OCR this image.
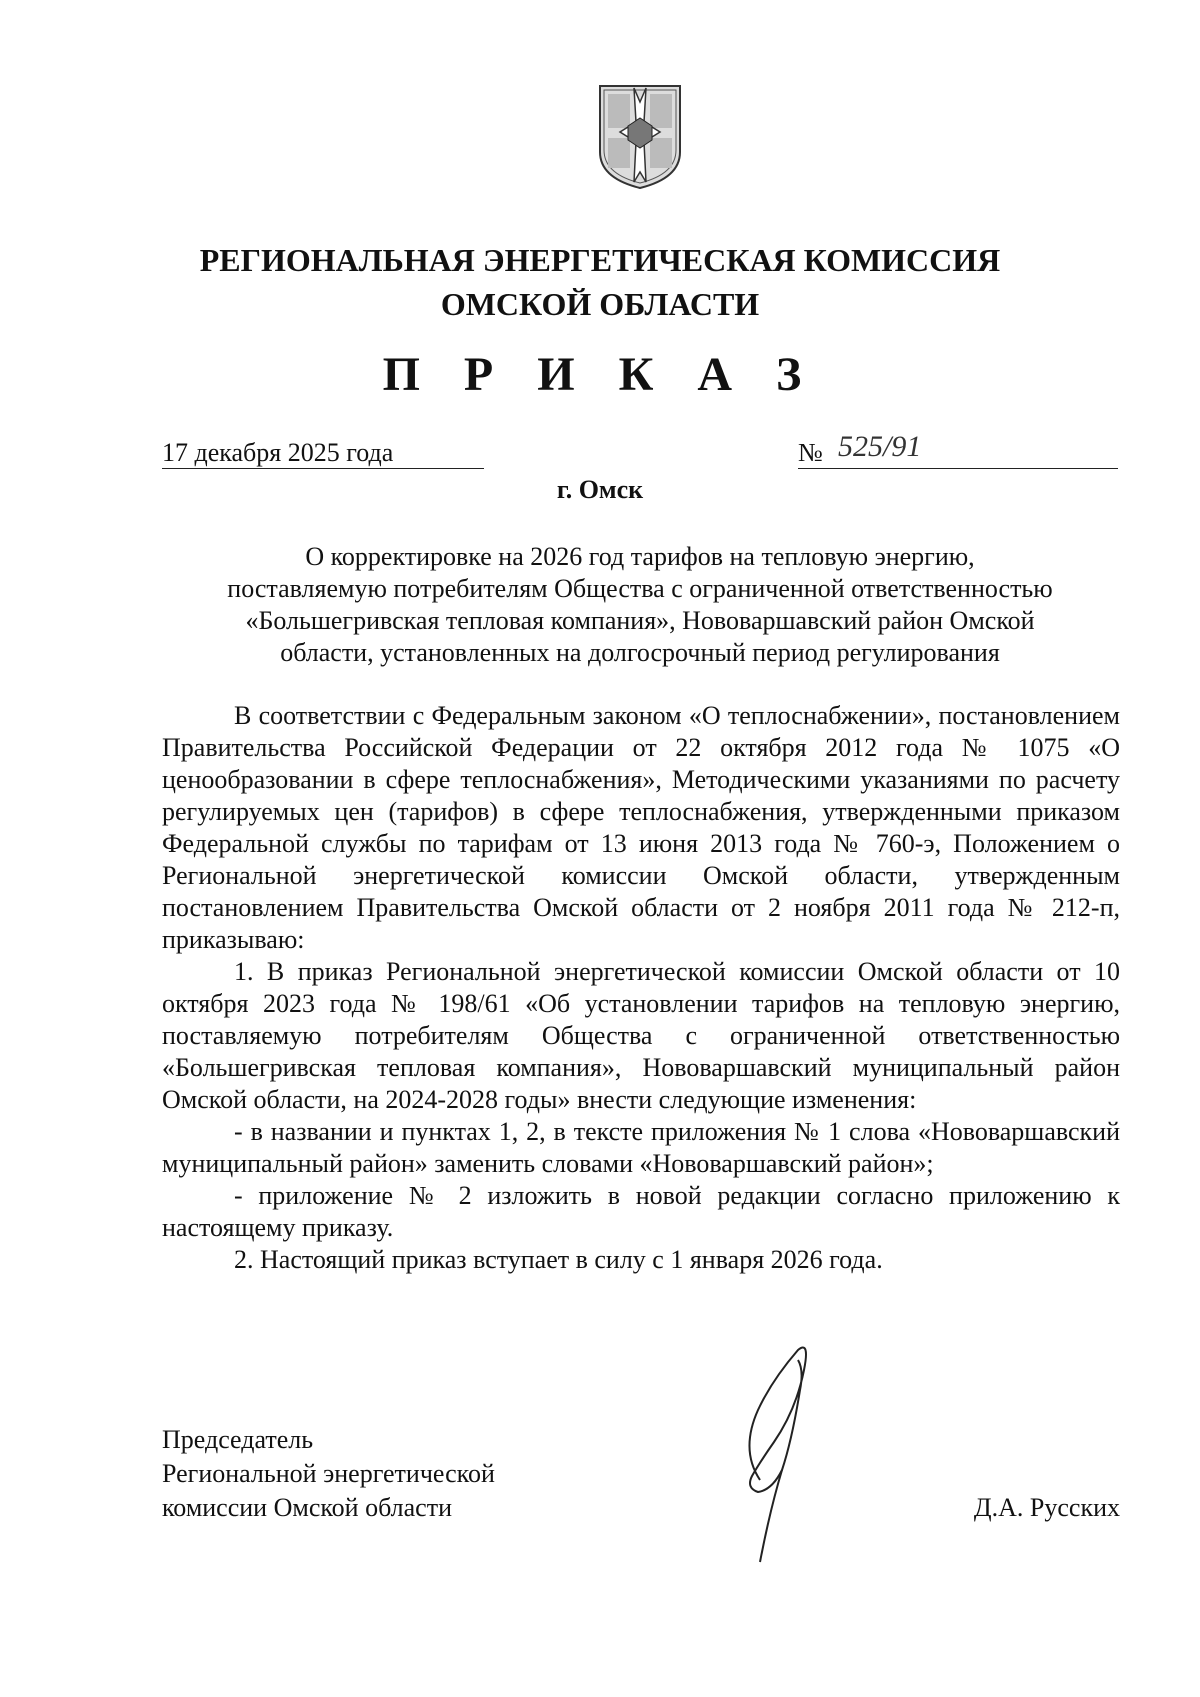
РЕГИОНАЛЬНАЯ ЭНЕРГЕТИЧЕСКАЯ КОМИССИЯ
ОМСКОЙ ОБЛАСТИ
П Р И К А З
17 декабря 2025 года	№ 525/91
г. Омск
О корректировке на 2026 год тарифов на тепловую энергию,
поставляемую потребителям Общества с ограниченной ответственностью
«Большегривская тепловая компания», Нововаршавский район Омской
области, установленных на долгосрочный период регулирования

В соответствии с Федеральным законом «О теплоснабжении», постановлением Правительства Российской Федерации от 22 октября 2012 года № 1075 «О ценообразовании в сфере теплоснабжения», Методическими указаниями по расчету регулируемых цен (тарифов) в сфере теплоснабжения, утвержденными приказом Федеральной службы по тарифам от 13 июня 2013 года № 760-э, Положением о Региональной энергетической комиссии Омской области, утвержденным постановлением Правительства Омской области от 2 ноября 2011 года № 212-п, приказываю:

1. В приказ Региональной энергетической комиссии Омской области от 10 октября 2023 года № 198/61 «Об установлении тарифов на тепловую энергию, поставляемую потребителям Общества с ограниченной ответственностью «Большегривская тепловая компания», Нововаршавский муниципальный район Омской области, на 2024-2028 годы» внести следующие изменения:

- в названии и пунктах 1, 2, в тексте приложения № 1 слова «Нововаршавский муниципальный район» заменить словами «Нововаршавский район»;

- приложение № 2 изложить в новой редакции согласно приложению к настоящему приказу.

2. Настоящий приказ вступает в силу с 1 января 2026 года.

Председатель
Региональной энергетической
комиссии Омской области	Д.А. Русских
